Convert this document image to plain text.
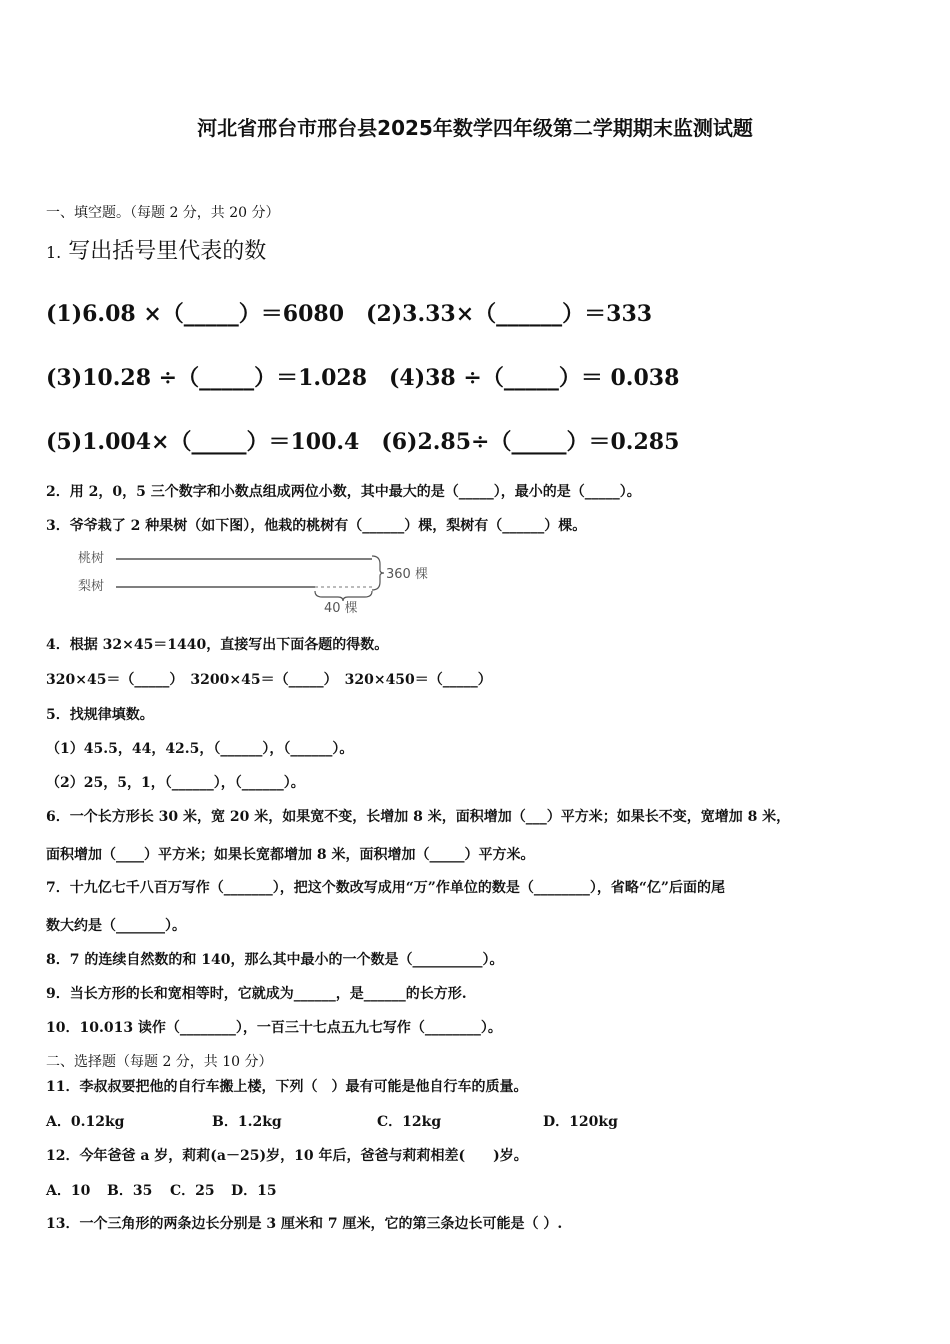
河北省邢台市邢台县2025年数学四年级第二学期期末监测试题
一、填空题。（每题 2 分，共 20 分）
1. 写出括号里代表的数
(1)6.08 ×（_____）＝6080　(2)3.33×（______）＝333
(3)10.28 ÷（_____）＝1.028　(4)38 ÷（_____）＝ 0.038
(5)1.004×（_____）＝100.4　(6)2.85÷（_____）＝0.285
2．用 2，0，5 三个数字和小数点组成两位小数，其中最大的是（_____），最小的是（_____）。
3．爷爷栽了 2 种果树（如下图），他栽的桃树有（______）棵，梨树有（______）棵。
桃树
梨树
360 棵
40 棵
4．根据 32×45＝1440，直接写出下面各题的得数。
320×45＝（_____）　3200×45＝（_____）　320×450＝（_____）
5．找规律填数。
（1）45.5，44，42.5，（______），（______）。
（2）25，5，1，（______），（______）。
6．一个长方形长 30 米，宽 20 米，如果宽不变，长增加 8 米，面积增加（___）平方米；如果长不变，宽增加 8 米，
面积增加（____）平方米；如果长宽都增加 8 米，面积增加（_____）平方米。
7．十九亿七千八百万写作（_______），把这个数改写成用“万”作单位的数是（________），省略“亿”后面的尾
数大约是（_______）。
8．7 的连续自然数的和 140，那么其中最小的一个数是（__________）。
9．当长方形的长和宽相等时，它就成为______，是______的长方形.
10．10.013 读作（________），一百三十七点五九七写作（________）。
二、选择题（每题 2 分，共 10 分）
11．李叔叔要把他的自行车搬上楼，下列（　）最有可能是他自行车的质量。
A．0.12kg	B．1.2kg	C．12kg	D．120kg
12．今年爸爸 a 岁，莉莉(a－25)岁，10 年后，爸爸与莉莉相差(　　)岁。
A．10 B．35 C．25 D．15
13．一个三角形的两条边长分别是 3 厘米和 7 厘米，它的第三条边长可能是（ ）.
